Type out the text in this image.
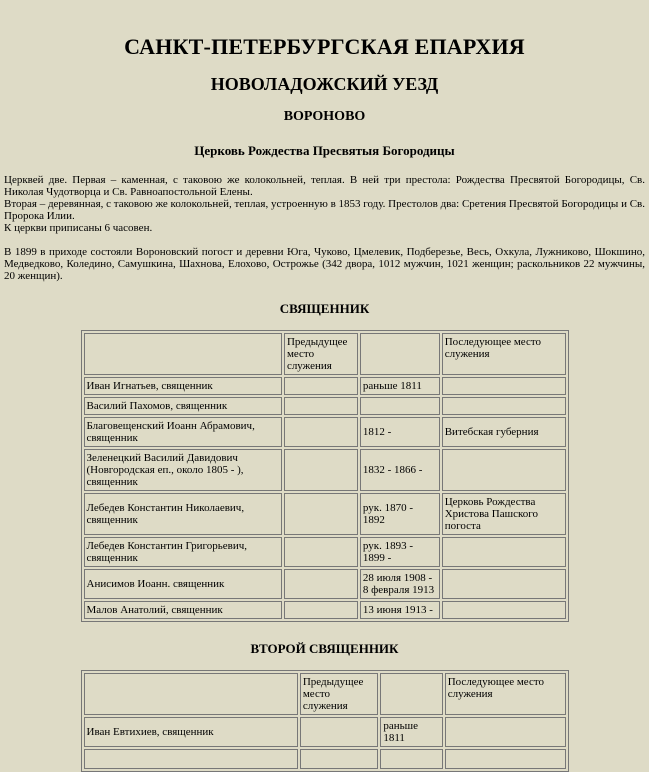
САНКТ-ПЕТЕРБУРГСКАЯ ЕПАРХИЯ
НОВОЛАДОЖСКИЙ УЕЗД
ВОРОНОВО
Церковь Рождества Пресвятыя Богородицы
Церквей две. Первая – каменная, с таковою же колокольней, теплая. В ней три престола: Рождества Пресвятой Богородицы, Св. Николая Чудотворца и Св. Равноапостольной Елены.
Вторая – деревянная, с таковою же колокольней, теплая, устроенную в 1853 году. Престолов два: Сретения Пресвятой Богородицы и Св. Пророка Илии.
К церкви приписаны 6 часовен.
В 1899 в приходе состояли Вороновский погост и деревни Юга, Чуково, Цмелевик, Подберезье, Весь, Охкула, Лужниково, Шокшино, Медведково, Коледино, Самушкина, Шахнова, Елохово, Острожье (342 двора, 1012 мужчин, 1021 женщин; раскольников 22 мужчины, 20 женщин).
СВЯЩЕННИК
	Предыдущее место служения		Последующее место служения
Иван Игнатьев, священник		раньше 1811	
Василий Пахомов, священник			
Благовещенский Иоанн Абрамович, священник		1812 -	Витебская губерния
Зеленецкий Василий Давидович (Новгородская еп., около 1805 - ), священник		1832 - 1866 -	
Лебедев Константин Николаевич, священник		рук. 1870 - 1892	Церковь Рождества Христова Пашского погоста
Лебедев Константин Григорьевич, священник		рук. 1893 - 1899 -	
Анисимов Иоанн. священник		28 июля 1908 - 8 февраля 1913	
Малов Анатолий, священник		13 июня 1913 -	
ВТОРОЙ СВЯЩЕННИК
	Предыдущее место служения		Последующее место служения
Иван Евтихиев, священник		раньше 1811	
